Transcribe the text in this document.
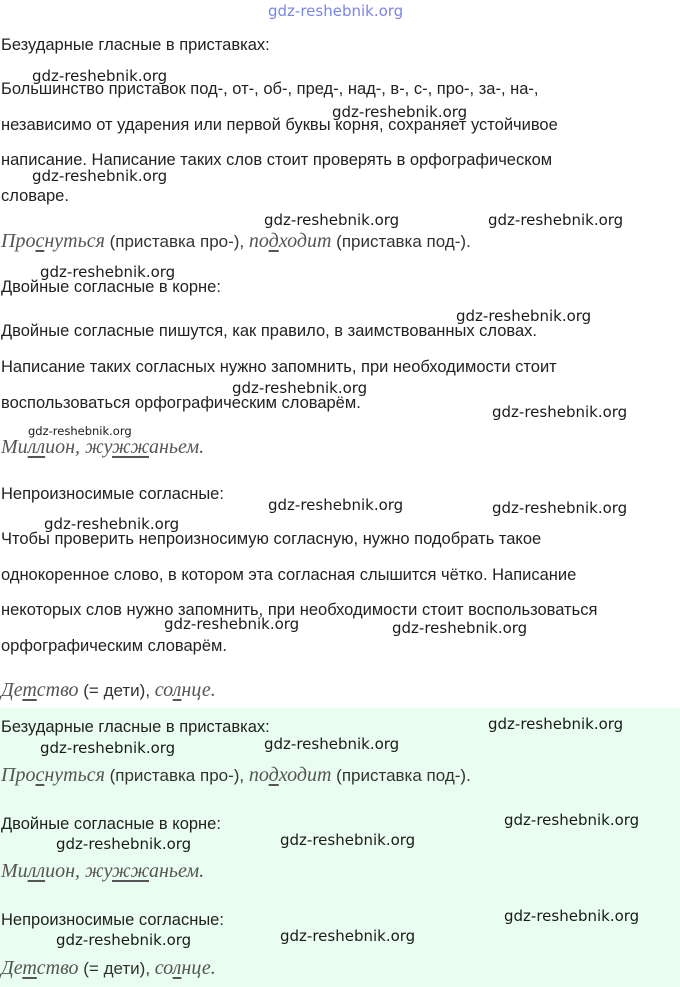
Безударные гласные в приставках:
Большинство приставок под-, от-, об-, пред-, над-, в-, с-, про-, за-, на-,
независимо от ударения или первой буквы корня, сохраняет устойчивое
написание. Написание таких слов стоит проверять в орфографическом
словаре.
Проснуться (приставка про-), подходит (приставка под-).
Двойные согласные в корне:
Двойные согласные пишутся, как правило, в заимствованных словах.
Написание таких согласных нужно запомнить, при необходимости стоит
воспользоваться орфографическим словарём.
Миллион, жужжаньем.
Непроизносимые согласные:
Чтобы проверить непроизносимую согласную, нужно подобрать такое
однокоренное слово, в котором эта согласная слышится чётко. Написание
некоторых слов нужно запомнить, при необходимости стоит воспользоваться
орфографическим словарём.
Детство (= дети), солнце.
Безударные гласные в приставках:
Проснуться (приставка про-), подходит (приставка под-).
Двойные согласные в корне:
Миллион, жужжаньем.
Непроизносимые согласные:
Детство (= дети), солнце.
gdz-reshebnik.org
gdz-reshebnik.org
gdz-reshebnik.org
gdz-reshebnik.org
gdz-reshebnik.org	gdz-reshebnik.org
gdz-reshebnik.org
gdz-reshebnik.org
gdz-reshebnik.org
gdz-reshebnik.org
gdz-reshebnik.org
gdz-reshebnik.org	gdz-reshebnik.org
gdz-reshebnik.org
gdz-reshebnik.org	gdz-reshebnik.org
gdz-reshebnik.org
gdz-reshebnik.org	gdz-reshebnik.org
gdz-reshebnik.org
gdz-reshebnik.org	gdz-reshebnik.org
gdz-reshebnik.org
gdz-reshebnik.org	gdz-reshebnik.org
